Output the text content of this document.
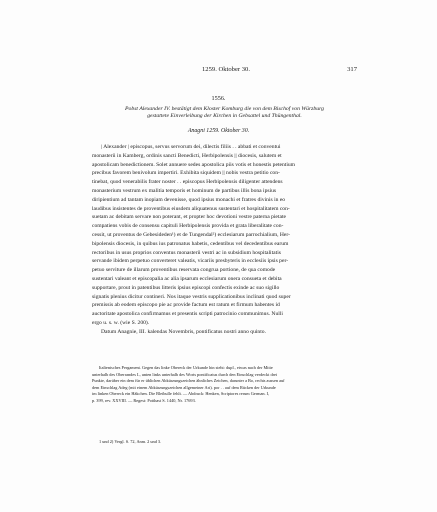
1259. Oktober 30.	317
1556.
Pobst Alexander IV. bestätigt dem Kloster Komburg die von dem Bischof von Würzburg
gestattete Einverleibung der Kirchen in Gebsattel und Thüngenthal.
Anagni 1259. Oktober 30.
| Alexander | episcopus, servus servorum dei, dilectis filiis . . abbati et conventui
monasterii in Kamberg, ordinis sancti Benedicti, Herbipolensis || diocesis, salutem et
apostolicam benedictionem. Solet annuere sedes apostolica piis votis et honestis petentium
precibus favorem benivolum impertiri. Exhibita siquidem || nobis vestra petitio con-
tinebat, quod venerabilis frater noster . . episcopus Herbipolensis diligenter attendens
monasterium vestrum ex malitia temporis et hominum de partibus illis bona ipsius
diripientium ad tantam inopiam devenisse, quod ipsius monachi et fratres divinis in eo
laudibus insistentes de proventibus eiusdem aliquatenus sustentari et hospitalitatem con-
suetam ac debitam servare non poterant, et propter hoc devotioni vestre paterna pietate
compatiens vobis de consensu capituli Herbipolensis provida et grata liberalitate con-
cessit, ut proventus de Gebesideden¹) et de Tungendal²) ecclesiarum parrochialium, Her-
bipolensis diocesis, in quibus ius patronatus habetis, cedentibus vel decedentibus earum
rectoribus in usus proprios conventus monasterii vestri ac in subsidium hospitalitatis
servande ibidem perpetuo converteret valeatis, vicariis presbyteris in ecclesiis ipsis per-
petuo serviture de illarum proventibus reservata congrua portione, de qua comode
sustentari valeant et episcopalia ac alia ipsarum ecclesiarum onera consueta et debita
supportare, prout in patentibus litteris ipsius episcopi confectis exinde ac suo sigillo
signatis plenius dicitur contineri. Nos itaque vestris supplicationibus inclinati quod super
premissis ab eodem episcopo pie ac provide factum est ratum et firmum habentes id
auctoritate apostolica confirmamus et presentis scripti patrocinio communimus. Nulli
ergo u. s. w. (wie S. 200).
Datum Anagnie, III. kalendas Novembris, pontificatus nostri anno quinto.
Italienisches Pergament. Gegen das linke Obereck der Urkunde hin steht: dupl., etwas nach der Mitte
unterhalb des Oberrandes L, unten links unterhalb des Worts pontificatus durch den Einschlag verdeckt drei
Punkte, darüber ein dem für er üblichen Abkürzungszeichen ähnliches Zeichen, darunter a Bo, rechts aussen auf
dem Einschlag Adeg (mit einem Abkürzungszeichen allgemeiner Art). por . . auf dem Rücken der Urkunde
im linken Obereck ein Häkchen. Die Bleibulle fehlt. — Abdruck: Henken, Scriptores rerum German. I,
p. 399, rev. XXVIII. — Regest: Potthast S. 1440, Nr. 17693.
1 und 2) Vergl. S. 72, Anm. 2 und 3.
